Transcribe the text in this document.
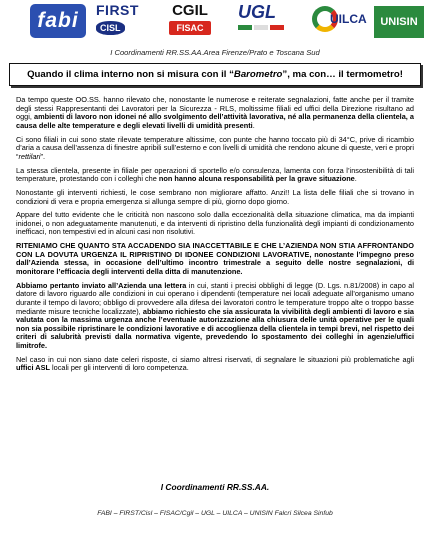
fabi FIRST
CISL
CGIL
FISAC
UGL	UILCA UNISIN
I Coordinamenti RR.SS.AA.Area Firenze/Prato e Toscana Sud
Quando il clima interno non si misura con il “ Barometro ”, ma con… il termometro!

Da tempo queste OO.SS. hanno rilevato che, nonostante le numerose e reiterate segnalazioni, fatte anche per il tramite degli stessi Rappresentanti dei Lavoratori per la Sicurezza - RLS, moltissime filiali ed uffici della Direzione risultano ad oggi, ambienti di lavoro non idonei né allo svolgimento dell’attività lavorativa, né alla permanenza della clientela, a causa delle alte temperature e degli elevati livelli di umidità presenti.

Ci sono filiali in cui sono state rilevate temperature altissime, con punte che hanno toccato più di 34°C, prive di ricambio d’aria a causa dell’assenza di finestre apribili sull’esterno e con livelli di umidità che rendono alcune di queste, veri e propri “rettilari”.

La stessa clientela, presente in filiale per operazioni di sportello e/o consulenza, lamenta con forza l’insostenibilità di tali temperature, protestando con i colleghi che non hanno alcuna responsabilità per la grave situazione.

Nonostante gli interventi richiesti, le cose sembrano non migliorare affatto. Anzi!! La lista delle filiali che si trovano in condizioni di vera e propria emergenza si allunga sempre di più, giorno dopo giorno.

Appare del tutto evidente che le criticità non nascono solo dalla eccezionalità della situazione climatica, ma da impianti inidonei, o non adeguatamente manutenuti, e da interventi di ripristino della funzionalità degli impianti di condizionamento inefficaci, non tempestivi ed in alcuni casi non risolutivi.

RITENIAMO CHE QUANTO STA ACCADENDO SIA INACCETTABILE E CHE L’AZIENDA NON STIA AFFRONTANDO CON LA DOVUTA URGENZA IL RIPRISTINO DI IDONEE CONDIZIONI LAVORATIVE, nonostante l’impegno preso dall’Azienda stessa, in occasione dell’ultimo incontro trimestrale a seguito delle nostre segnalazioni, di monitorare l’efficacia degli interventi della ditta di manutenzione.

Abbiamo pertanto inviato all’Azienda una lettera in cui, stanti i precisi obblighi di legge (D. Lgs. n.81/2008) in capo al datore di lavoro riguardo alle condizioni in cui operano i dipendenti (temperature nei locali adeguate all’organismo umano durante il tempo di lavoro; obbligo di provvedere alla difesa dei lavoratori contro le temperature troppo alte o troppo basse mediante misure tecniche localizzate), abbiamo richiesto che sia assicurata la vivibilità degli ambienti di lavoro e sia valutata con la massima urgenza anche l’eventuale autorizzazione alla chiusura delle unità operative per le quali non sia possibile ripristinare le condizioni lavorative e di accoglienza della clientela in tempi brevi, nel rispetto dei criteri di salubrità previsti dalla normativa vigente, prevedendo lo spostamento dei colleghi in agenzie/uffici limitrofe.

Nel caso in cui non siano date celeri risposte, ci siamo altresi riservati, di segnalare le situazioni più problematiche agli uffici ASL locali per gli interventi di loro competenza.

I Coordinamenti RR.SS.AA.
FABI – FIRST/Cisl – FISAC/Cgil – UGL – UILCA – UNISIN Falcri Silcea Sinfub
